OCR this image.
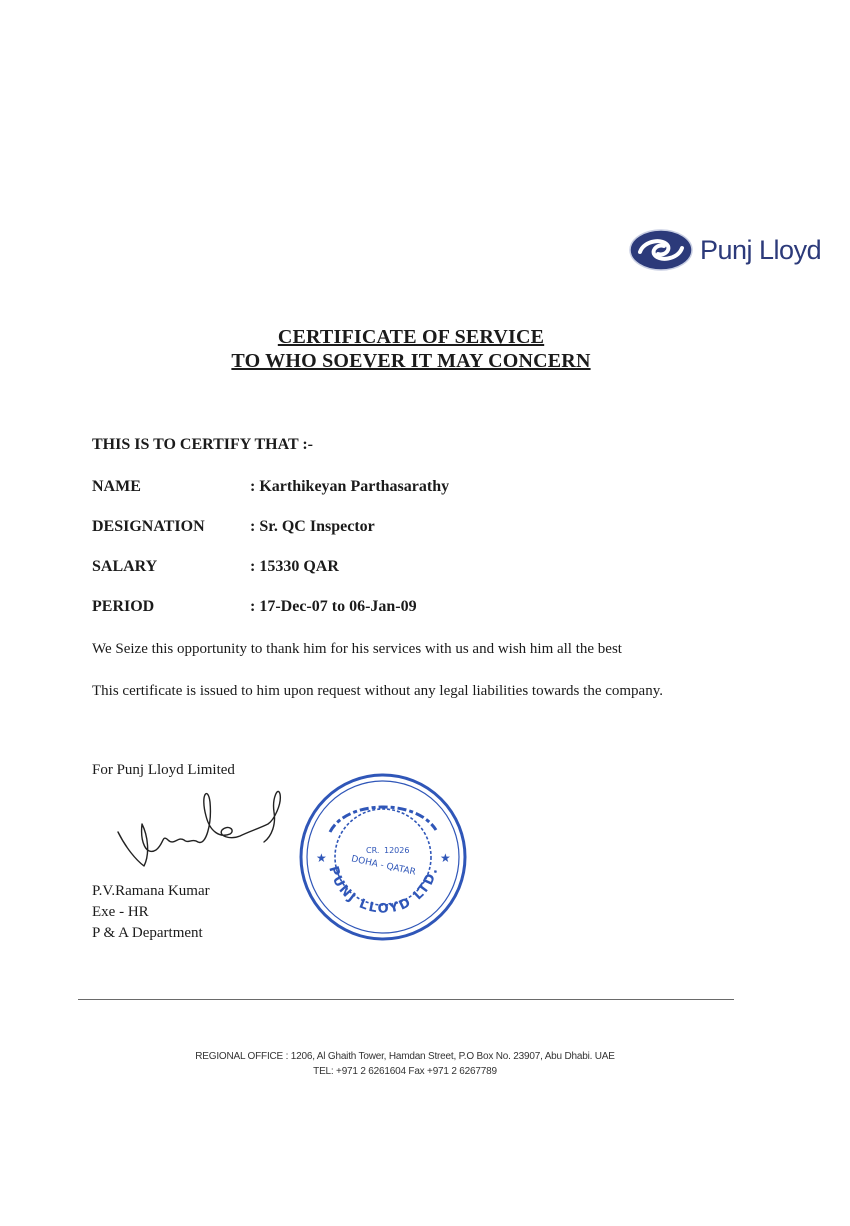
Punj Lloyd
CERTIFICATE OF SERVICE
TO WHO SOEVER IT MAY CONCERN
THIS IS TO CERTIFY THAT :-
NAME	: Karthikeyan Parthasarathy
DESIGNATION	: Sr. QC Inspector
SALARY	: 15330 QAR
PERIOD	: 17-Dec-07 to 06-Jan-09
We Seize this opportunity to thank him for his services with us and wish him all the best
This certificate is issued to him upon request without any legal liabilities towards the company.
For Punj Lloyd Limited
P.V.Ramana Kumar
Exe - HR
P & A Department
★	★
PUNJ LLOYD LTD.
CR. 12026
DOHA - QATAR
REGIONAL OFFICE : 1206, Al Ghaith Tower, Hamdan Street, P.O Box No. 23907, Abu Dhabi. UAE
TEL: +971 2 6261604 Fax +971 2 6267789
